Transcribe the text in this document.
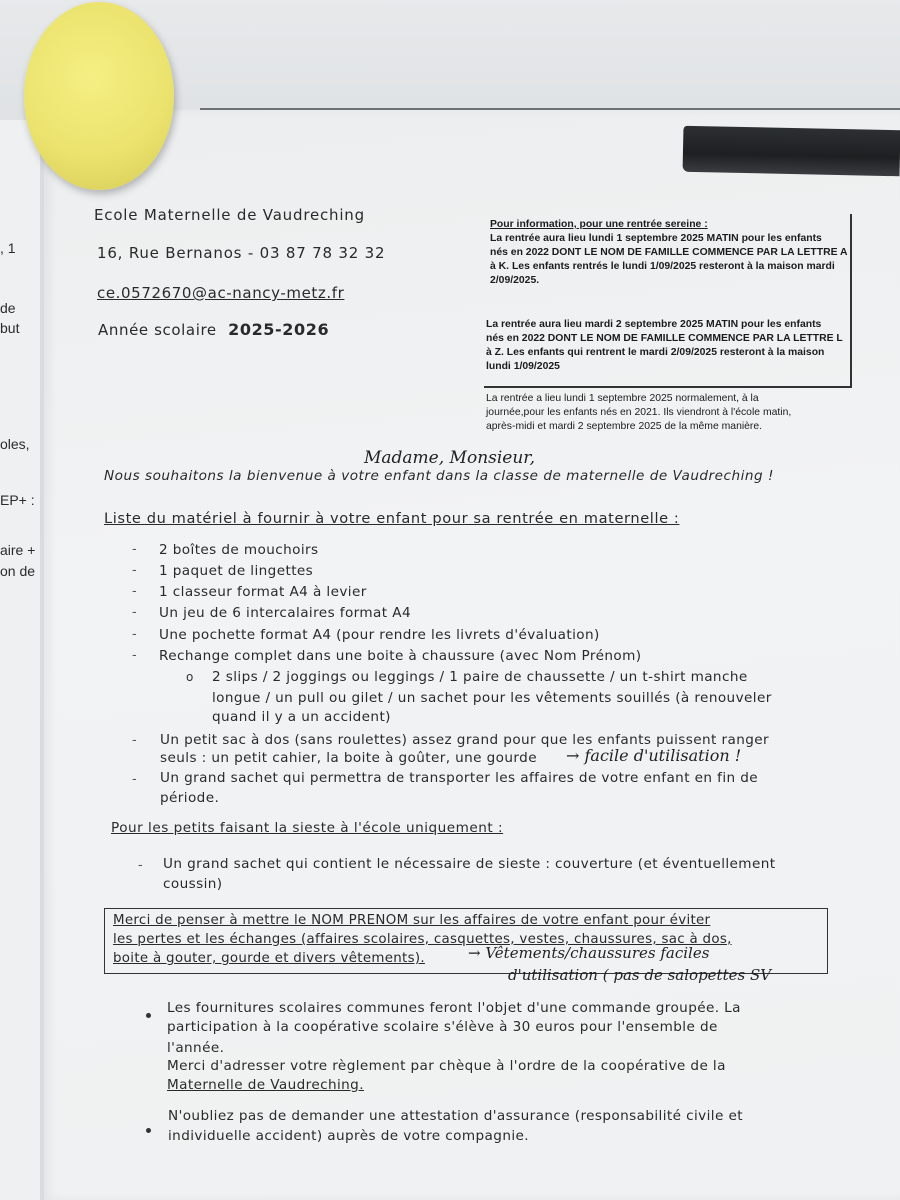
, 1
de
but
oles,
EP+ :
aire +
on de
Ecole Maternelle de Vaudreching
16, Rue Bernanos - 03 87 78 32 32
ce.0572670@ac-nancy-metz.fr
Année scolaire 2025-2026

Pour information, pour une rentrée sereine :

La rentrée aura lieu lundi 1 septembre 2025 MATIN pour les enfants

nés en 2022 DONT LE NOM DE FAMILLE COMMENCE PAR LA LETTRE A

à K. Les enfants rentrés le lundi 1/09/2025 resteront à la maison mardi

2/09/2025.

La rentrée aura lieu mardi 2 septembre 2025 MATIN pour les enfants

nés en 2022 DONT LE NOM DE FAMILLE COMMENCE PAR LA LETTRE L

à Z. Les enfants qui rentrent le mardi 2/09/2025 resteront à la maison

lundi 1/09/2025

La rentrée a lieu lundi 1 septembre 2025 normalement, à la

journée,pour les enfants nés en 2021. Ils viendront à l'école matin,

après-midi et mardi 2 septembre 2025 de la même manière.

Madame, Monsieur,
Nous souhaitons la bienvenue à votre enfant dans la classe de maternelle de Vaudreching !
Liste du matériel à fournir à votre enfant pour sa rentrée en maternelle :
- 2 boîtes de mouchoirs
- 1 paquet de lingettes
- 1 classeur format A4 à levier
- Un jeu de 6 intercalaires format A4
- Une pochette format A4 (pour rendre les livrets d'évaluation)
- Rechange complet dans une boite à chaussure (avec Nom Prénom)
o 2 slips / 2 joggings ou leggings / 1 paire de chaussette / un t-shirt manche
longue / un pull ou gilet / un sachet pour les vêtements souillés (à renouveler
quand il y a un accident)
- Un petit sac à dos (sans roulettes) assez grand pour que les enfants puissent ranger
seuls : un petit cahier, la boite à goûter, une gourde → facile d'utilisation !
- Un grand sachet qui permettra de transporter les affaires de votre enfant en fin de
période.
Pour les petits faisant la sieste à l'école uniquement :
- Un grand sachet qui contient le nécessaire de sieste : couverture (et éventuellement
coussin)
Merci de penser à mettre le NOM PRENOM sur les affaires de votre enfant pour éviter
les pertes et les échanges (affaires scolaires, casquettes, vestes, chaussures, sac à dos,
boite à gouter, gourde et divers vêtements).	→ Vêtements/chaussures faciles
d'utilisation ( pas de salopettes SV
Les fournitures scolaires communes feront l'objet d'une commande groupée. La
participation à la coopérative scolaire s'élève à 30 euros pour l'ensemble de
l'année.
Merci d'adresser votre règlement par chèque à l'ordre de la coopérative de la
Maternelle de Vaudreching.
N'oubliez pas de demander une attestation d'assurance (responsabilité civile et
individuelle accident) auprès de votre compagnie.
